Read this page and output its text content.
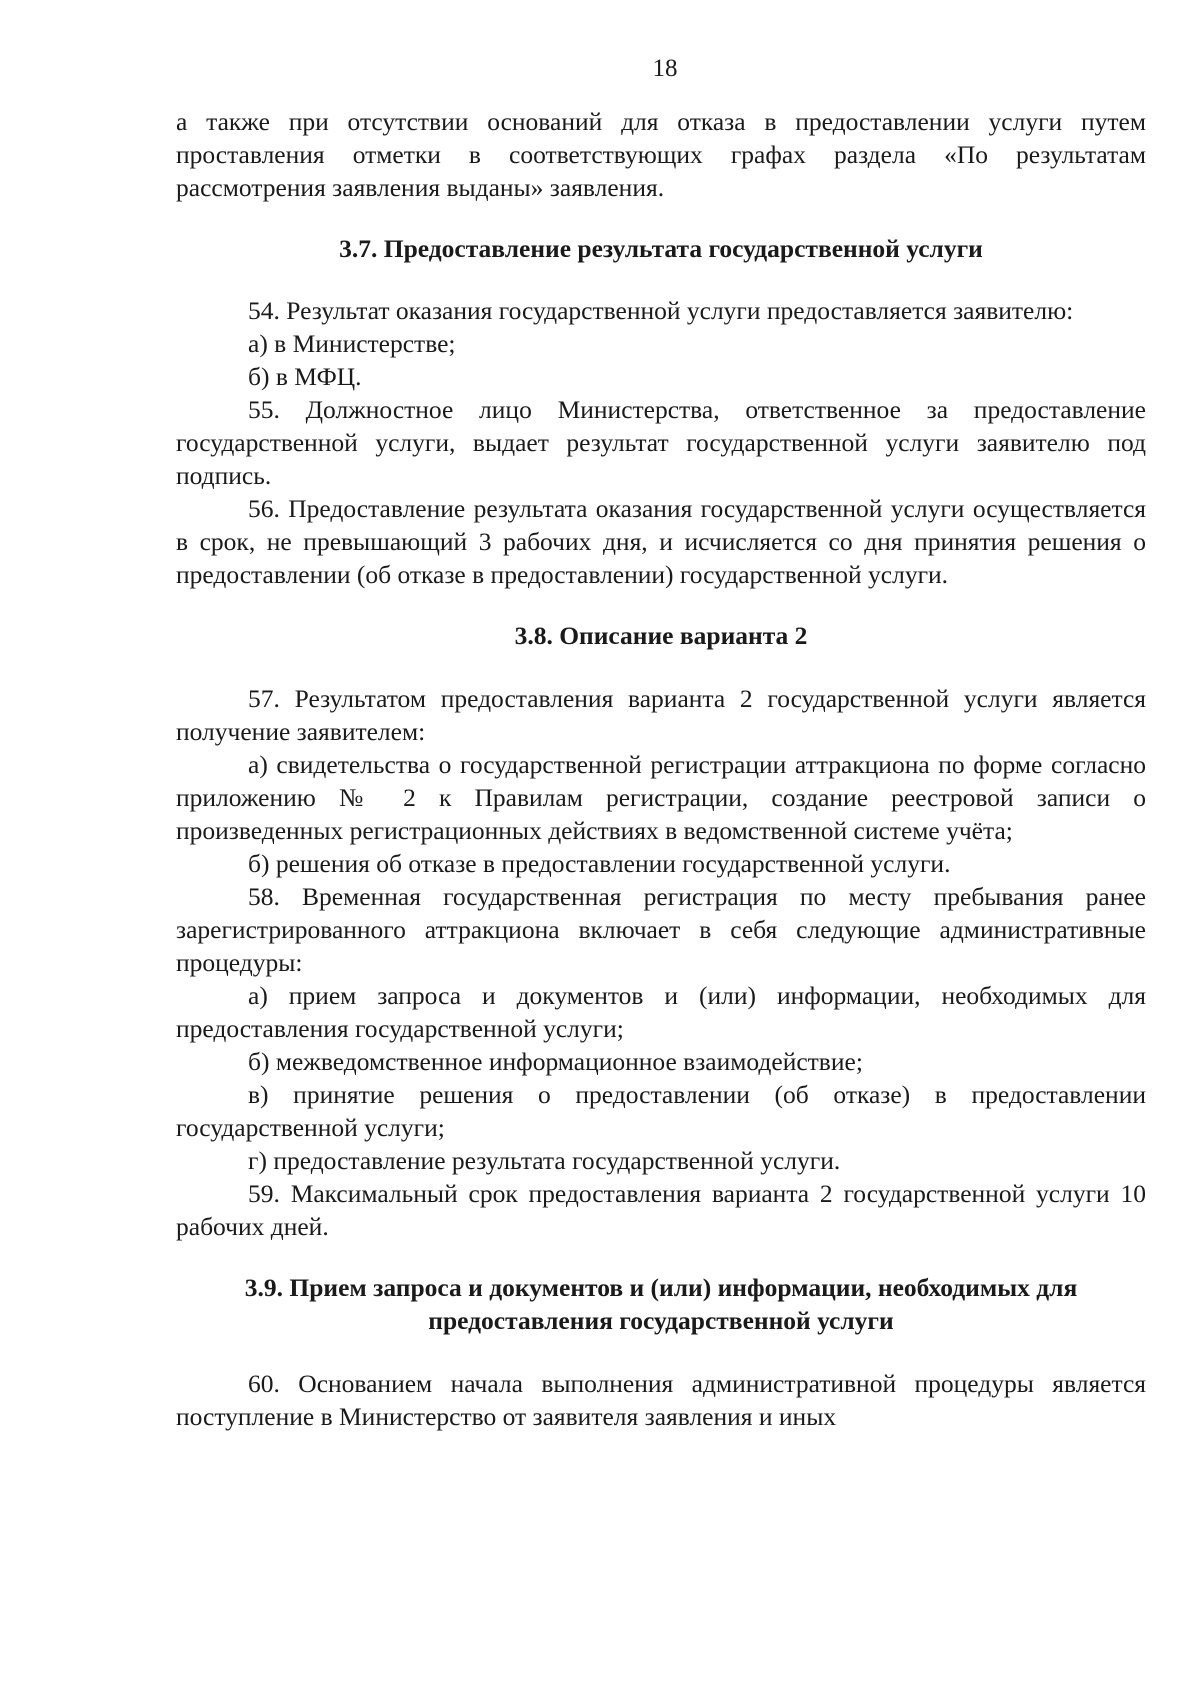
18

а также при отсутствии оснований для отказа в предоставлении услуги путем проставления отметки в соответствующих графах раздела «По результатам рассмотрения заявления выданы» заявления.

3.7. Предоставление результата государственной услуги

54. Результат оказания государственной услуги предоставляется заявителю:

а) в Министерстве;

б) в МФЦ.

55. Должностное лицо Министерства, ответственное за предоставление государственной услуги, выдает результат государственной услуги заявителю под подпись.

56. Предоставление результата оказания государственной услуги осуществляется в срок, не превышающий 3 рабочих дня, и исчисляется со дня принятия решения о предоставлении (об отказе в предоставлении) государственной услуги.

3.8. Описание варианта 2

57. Результатом предоставления варианта 2 государственной услуги является получение заявителем:

а) свидетельства о государственной регистрации аттракциона по форме согласно приложению № 2 к Правилам регистрации, создание реестровой записи о произведенных регистрационных действиях в ведомственной системе учёта;

б) решения об отказе в предоставлении государственной услуги.

58. Временная государственная регистрация по месту пребывания ранее зарегистрированного аттракциона включает в себя следующие административные процедуры:

а) прием запроса и документов и (или) информации, необходимых для предоставления государственной услуги;

б) межведомственное информационное взаимодействие;

в) принятие решения о предоставлении (об отказе) в предоставлении государственной услуги;

г) предоставление результата государственной услуги.

59. Максимальный срок предоставления варианта 2 государственной услуги 10 рабочих дней.

3.9. Прием запроса и документов и (или) информации, необходимых для
предоставления государственной услуги

60. Основанием начала выполнения административной процедуры является поступление в Министерство от заявителя заявления и иных
